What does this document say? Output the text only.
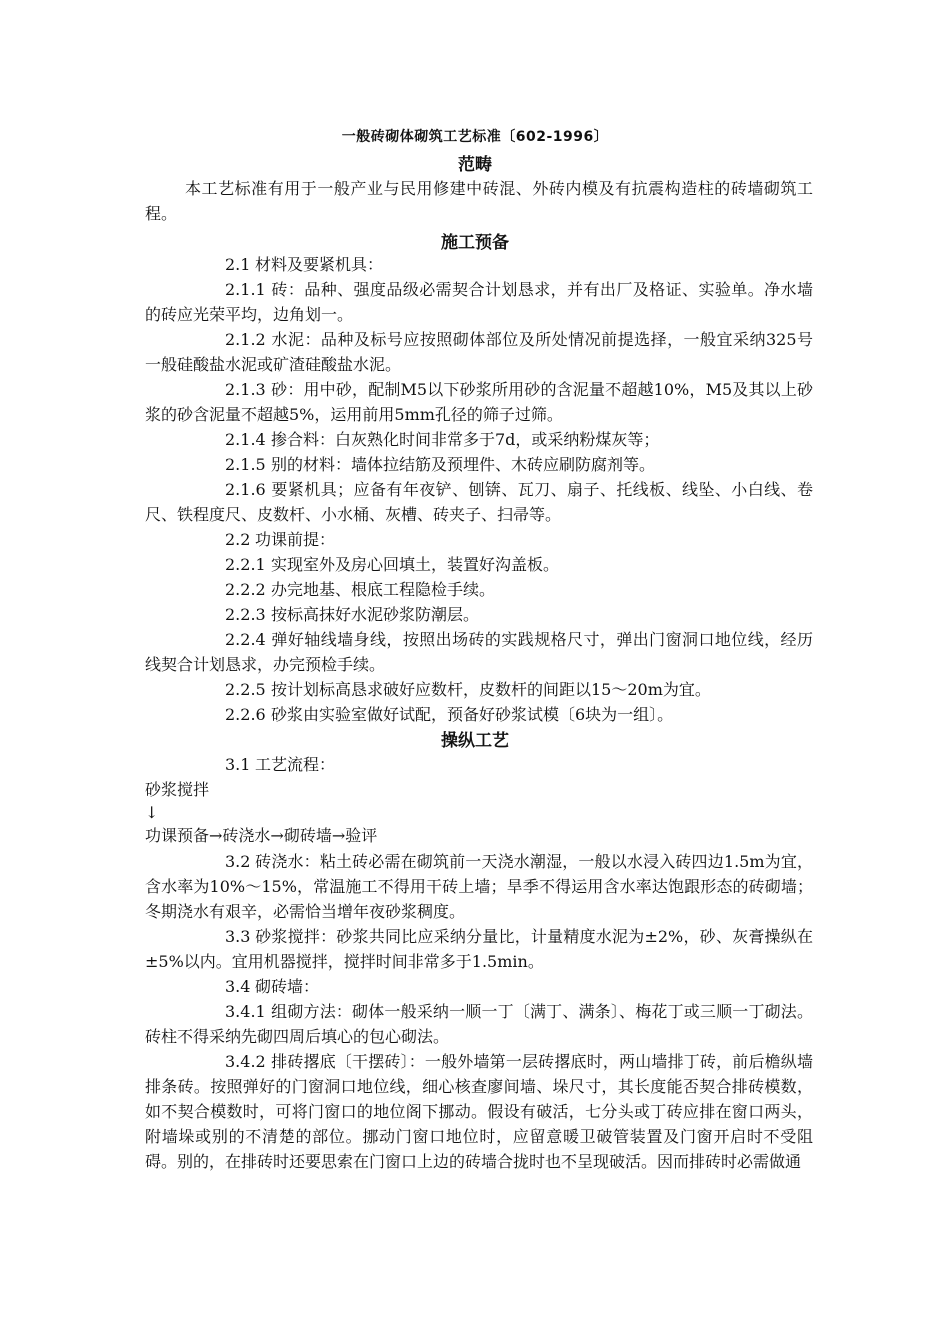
一般砖砌体砌筑工艺标准〔602-1996〕
范畴
本工艺标准有用于一般产业与民用修建中砖混、外砖内模及有抗震构造柱的砖墙砌筑工程。
施工预备
2.1 材料及要紧机具：
2.1.1 砖：品种、强度品级必需契合计划恳求，并有出厂及格证、实验单。净水墙的砖应光荣平均，边角划一。
2.1.2 水泥：品种及标号应按照砌体部位及所处情况前提选择，一般宜采纳325号一般硅酸盐水泥或矿渣硅酸盐水泥。
2.1.3 砂：用中砂，配制M5以下砂浆所用砂的含泥量不超越10%，M5及其以上砂浆的砂含泥量不超越5%，运用前用5mm孔径的筛子过筛。
2.1.4 掺合料：白灰熟化时间非常多于7d，或采纳粉煤灰等；
2.1.5 别的材料：墙体拉结筋及预埋件、木砖应刷防腐剂等。
2.1.6 要紧机具；应备有年夜铲、刨锛、瓦刀、扇子、托线板、线坠、小白线、卷尺、铁程度尺、皮数杆、小水桶、灰槽、砖夹子、扫帚等。
2.2 功课前提：
2.2.1 实现室外及房心回填土，装置好沟盖板。
2.2.2 办完地基、根底工程隐检手续。
2.2.3 按标高抹好水泥砂浆防潮层。
2.2.4 弹好轴线墙身线，按照出场砖的实践规格尺寸，弹出门窗洞口地位线，经历线契合计划恳求，办完预检手续。
2.2.5 按计划标高恳求破好应数杆，皮数杆的间距以15～20m为宜。
2.2.6 砂浆由实验室做好试配，预备好砂浆试模〔6块为一组〕。
操纵工艺
3.1 工艺流程：
砂浆搅拌
↓
功课预备→砖浇水→砌砖墙→验评
3.2 砖浇水：粘土砖必需在砌筑前一天浇水潮湿，一般以水浸入砖四边1.5m为宜，含水率为10%～15%，常温施工不得用干砖上墙；旱季不得运用含水率达饱跟形态的砖砌墙；冬期浇水有艰辛，必需恰当增年夜砂浆稠度。
3.3 砂浆搅拌：砂浆共同比应采纳分量比，计量精度水泥为±2%，砂、灰膏操纵在±5%以内。宜用机器搅拌，搅拌时间非常多于1.5min。
3.4 砌砖墙：
3.4.1 组砌方法：砌体一般采纳一顺一丁〔满丁、满条〕、梅花丁或三顺一丁砌法。砖柱不得采纳先砌四周后填心的包心砌法。
3.4.2 排砖撂底〔干摆砖〕：一般外墙第一层砖撂底时，两山墙排丁砖，前后檐纵墙排条砖。按照弹好的门窗洞口地位线，细心核查廖间墙、垛尺寸，其长度能否契合排砖模数，如不契合模数时，可将门窗口的地位阁下挪动。假设有破活，七分头或丁砖应排在窗口两头，附墙垛或别的不清楚的部位。挪动门窗口地位时，应留意暖卫破管装置及门窗开启时不受阻碍。别的，在排砖时还要思索在门窗口上边的砖墙合拢时也不呈现破活。因而排砖时必需做通
